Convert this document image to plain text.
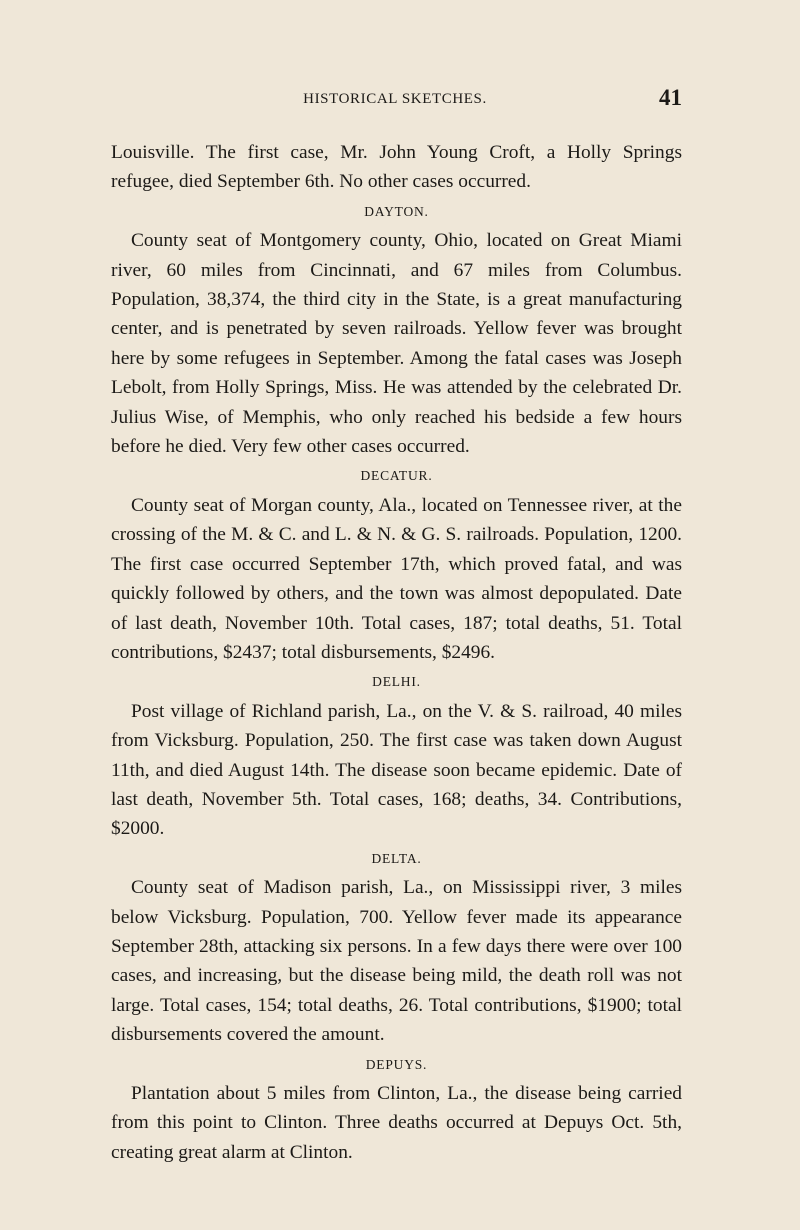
HISTORICAL SKETCHES.	41

Louisville. The first case, Mr. John Young Croft, a Holly Springs refugee, died September 6th. No other cases occurred.

DAYTON.

County seat of Montgomery county, Ohio, located on Great Miami river, 60 miles from Cincinnati, and 67 miles from Columbus. Population, 38,374, the third city in the State, is a great manufacturing center, and is penetrated by seven railroads. Yellow fever was brought here by some refugees in September. Among the fatal cases was Joseph Lebolt, from Holly Springs, Miss. He was attended by the celebrated Dr. Julius Wise, of Memphis, who only reached his bedside a few hours before he died. Very few other cases occurred.

DECATUR.

County seat of Morgan county, Ala., located on Tennessee river, at the crossing of the M. & C. and L. & N. & G. S. railroads. Population, 1200. The first case occurred September 17th, which proved fatal, and was quickly followed by others, and the town was almost depopulated. Date of last death, November 10th. Total cases, 187; total deaths, 51. Total contributions, $2437; total disbursements, $2496.

DELHI.

Post village of Richland parish, La., on the V. & S. railroad, 40 miles from Vicksburg. Population, 250. The first case was taken down August 11th, and died August 14th. The disease soon became epidemic. Date of last death, November 5th. Total cases, 168; deaths, 34. Contributions, $2000.

DELTA.

County seat of Madison parish, La., on Mississippi river, 3 miles below Vicksburg. Population, 700. Yellow fever made its appearance September 28th, attacking six persons. In a few days there were over 100 cases, and increasing, but the disease being mild, the death roll was not large. Total cases, 154; total deaths, 26. Total contributions, $1900; total disbursements covered the amount.

DEPUYS.

Plantation about 5 miles from Clinton, La., the disease being carried from this point to Clinton. Three deaths occurred at Depuys Oct. 5th, creating great alarm at Clinton.
